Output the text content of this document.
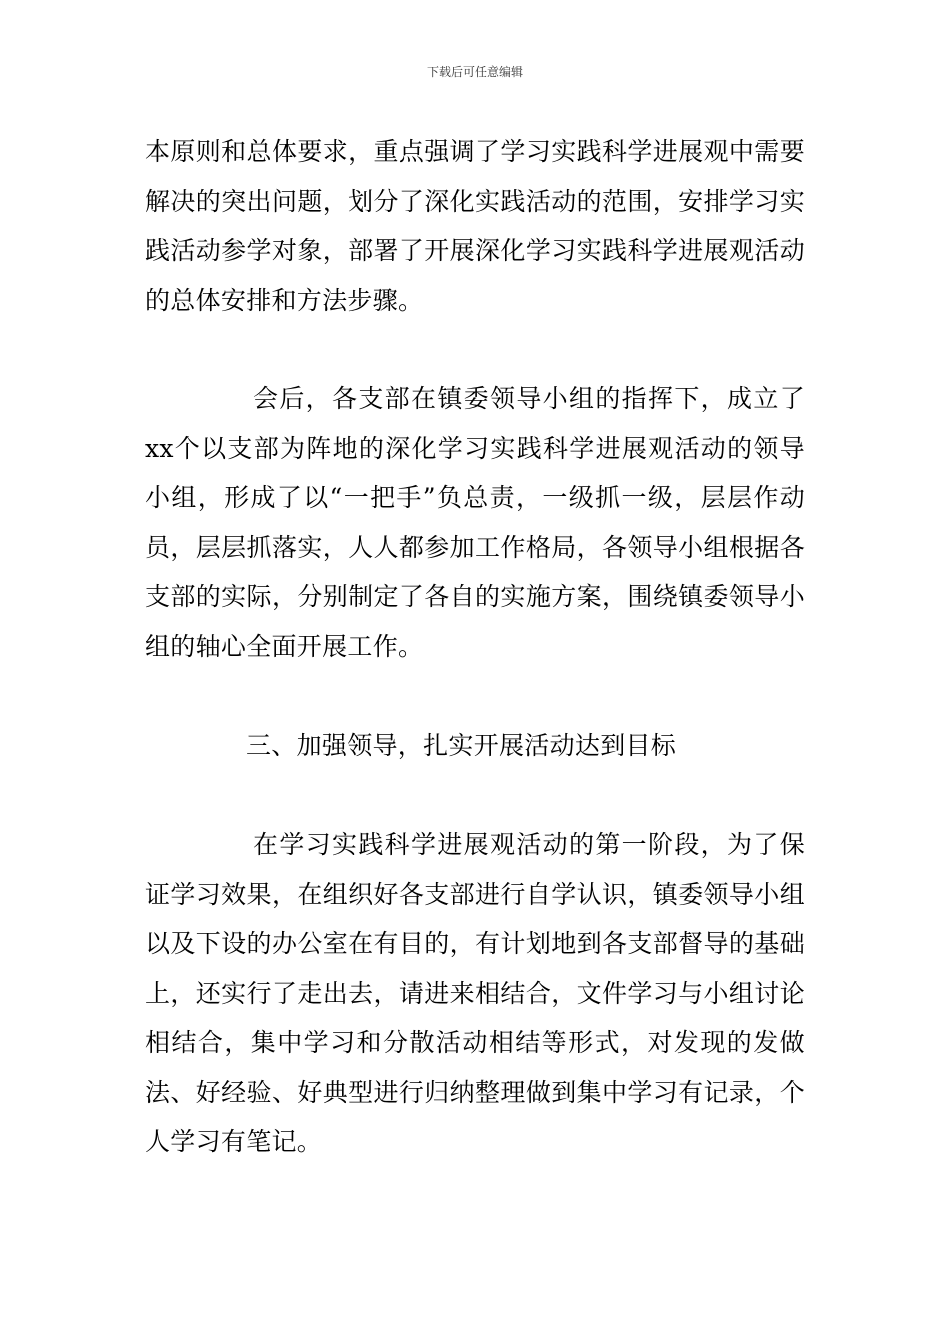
下载后可任意编辑
本原则和总体要求，重点强调了学习实践科学进展观中需要解决的突出问题，划分了深化实践活动的范围，安排学习实践活动参学对象，部署了开展深化学习实践科学进展观活动的总体安排和方法步骤。
会后，各支部在镇委领导小组的指挥下，成立了xx个以支部为阵地的深化学习实践科学进展观活动的领导小组，形成了以“一把手”负总责，一级抓一级，层层作动员，层层抓落实，人人都参加工作格局，各领导小组根据各支部的实际，分别制定了各自的实施方案，围绕镇委领导小组的轴心全面开展工作。
三、加强领导，扎实开展活动达到目标
在学习实践科学进展观活动的第一阶段，为了保证学习效果，在组织好各支部进行自学认识，镇委领导小组以及下设的办公室在有目的，有计划地到各支部督导的基础上，还实行了走出去，请进来相结合，文件学习与小组讨论相结合，集中学习和分散活动相结等形式，对发现的发做法、好经验、好典型进行归纳整理做到集中学习有记录，个人学习有笔记。
